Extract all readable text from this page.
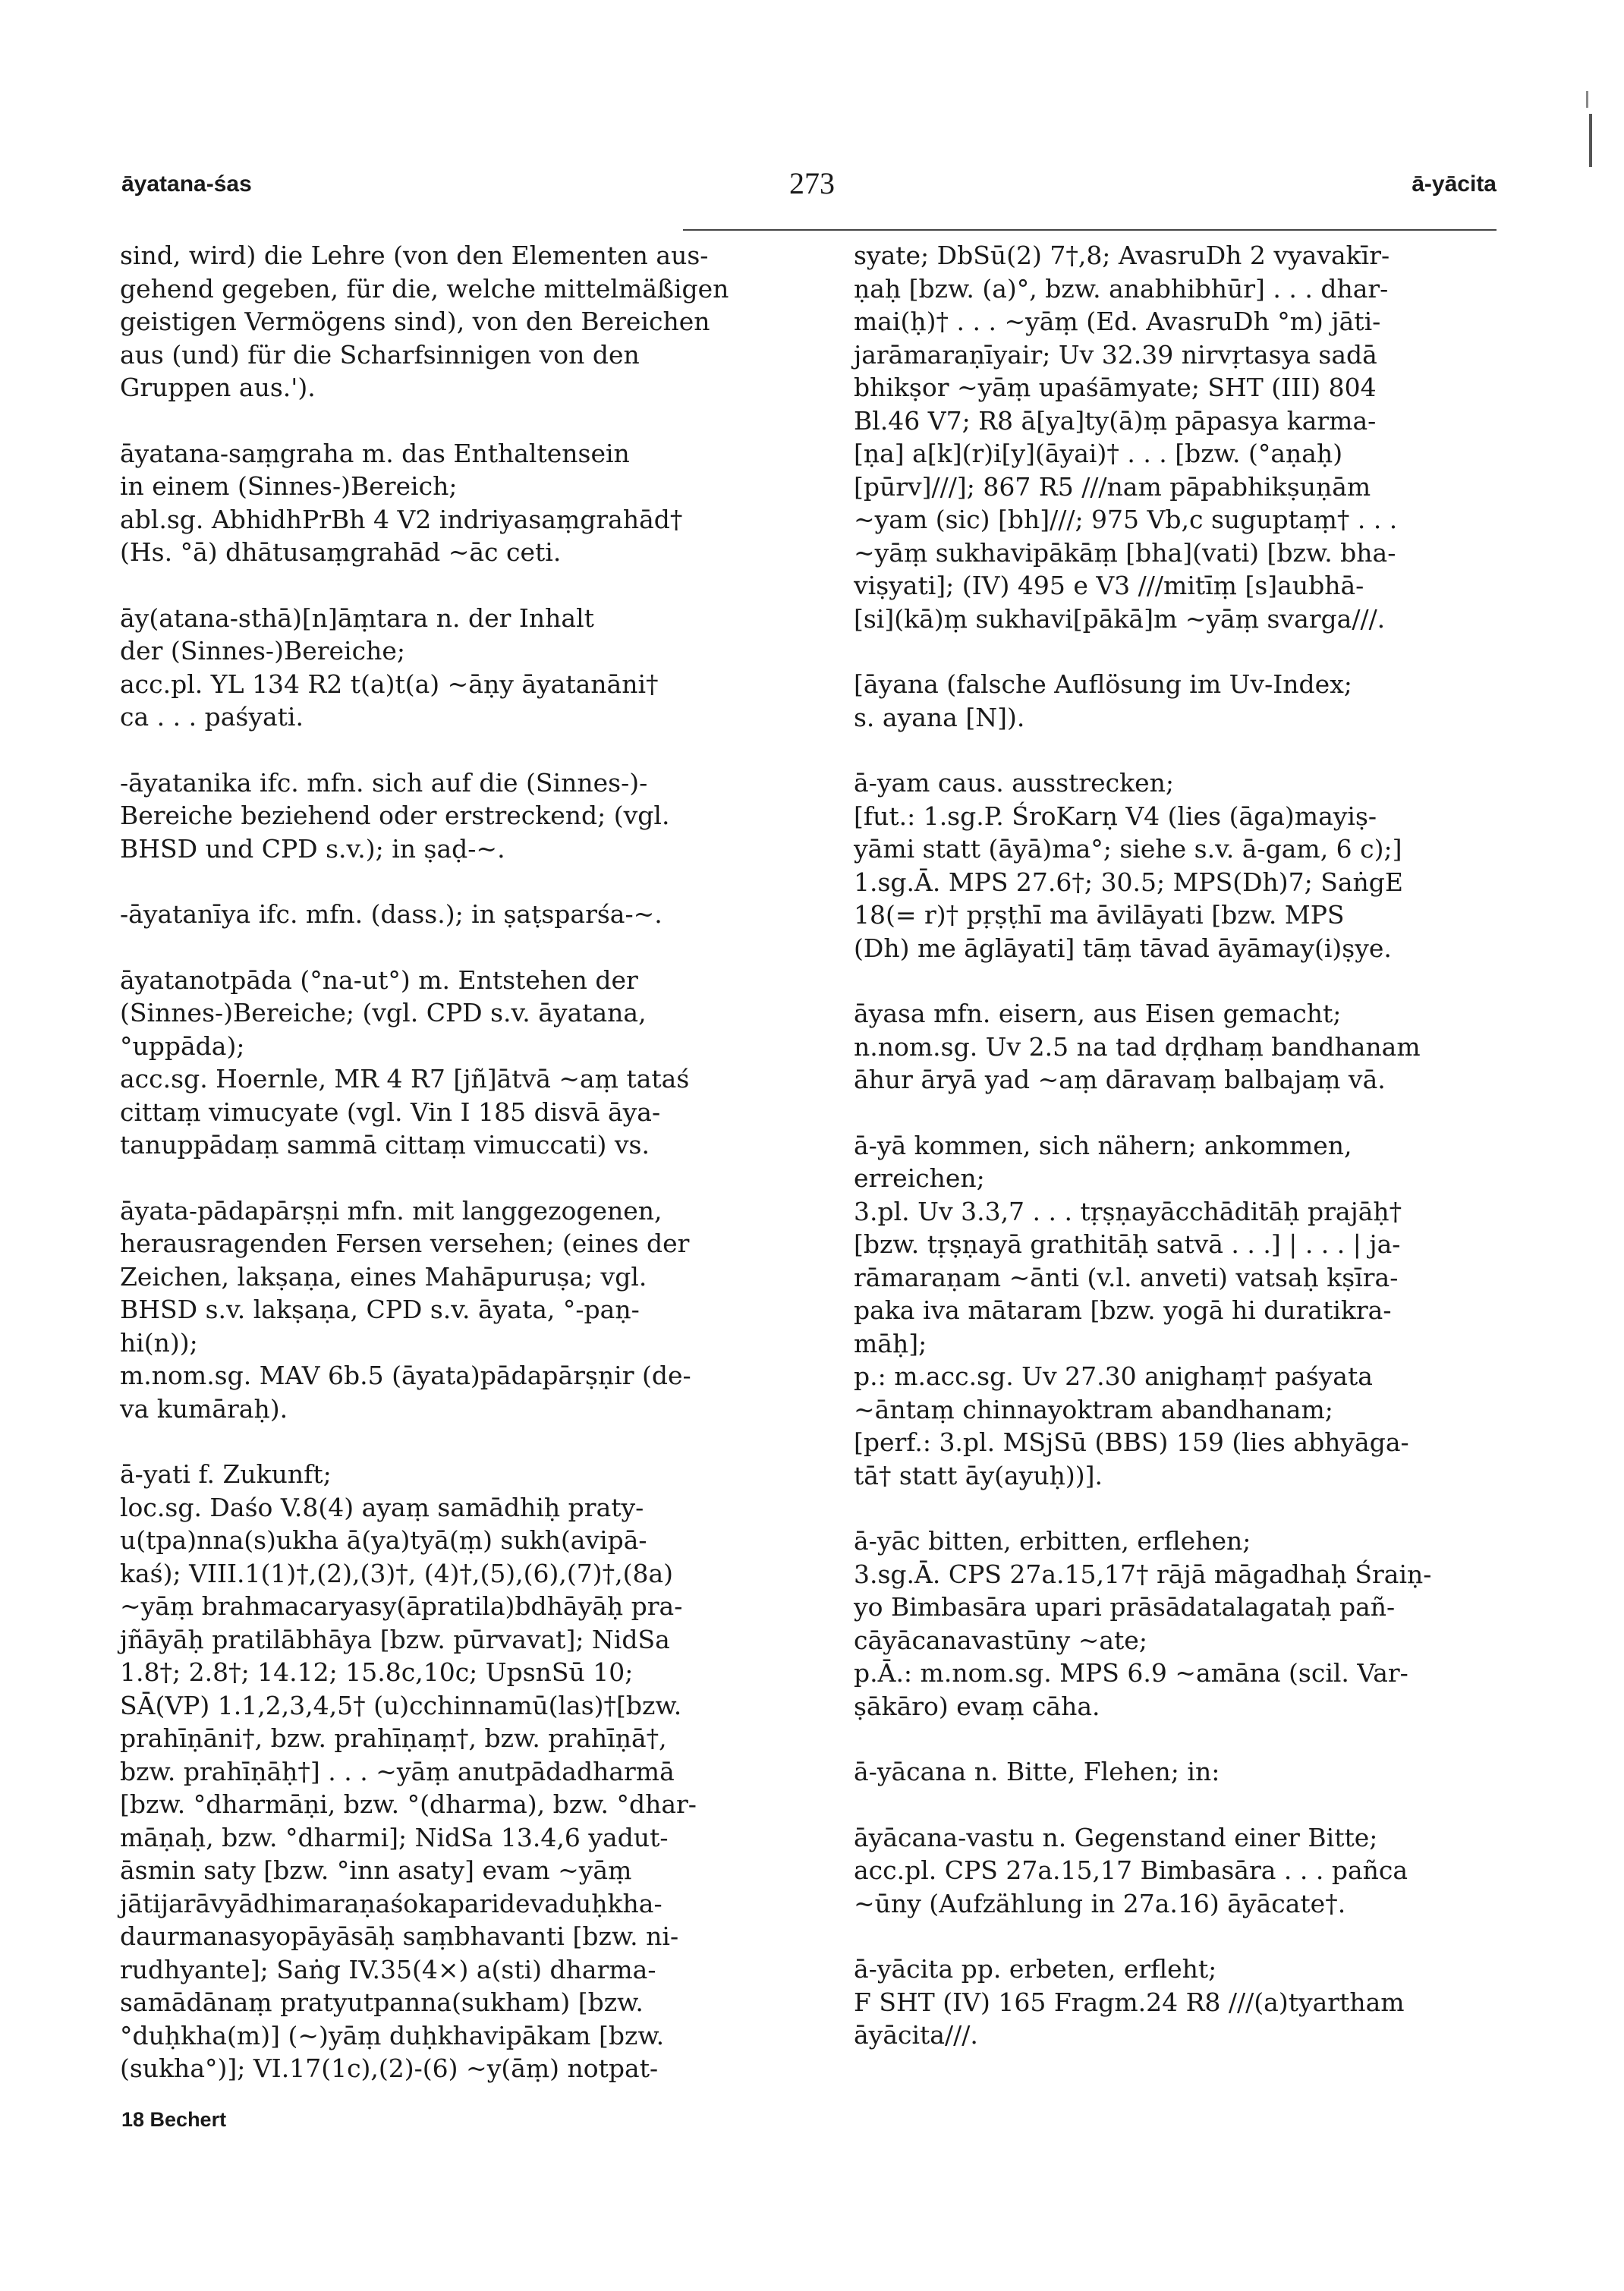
āyatana-śas	273	ā-yācita
sind, wird) die Lehre (von den Elementen aus-
gehend gegeben, für die, welche mittelmäßigen
geistigen Vermögens sind), von den Bereichen
aus (und) für die Scharfsinnigen von den
Gruppen aus.').
āyatana-saṃgraha m. das Enthaltensein
in einem (Sinnes-)Bereich;
abl.sg. AbhidhPrBh 4 V2 indriyasaṃgrahād†
(Hs. °ā) dhātusaṃgrahād ~āc ceti.
āy(atana-sthā)[n]āṃtara n. der Inhalt
der (Sinnes-)Bereiche;
acc.pl. YL 134 R2 t(a)t(a) ~āṇy āyatanāni†
ca . . . paśyati.
-āyatanika ifc. mfn. sich auf die (Sinnes-)-
Bereiche beziehend oder erstreckend; (vgl.
BHSD und CPD s.v.); in ṣaḍ-~.
-āyatanīya ifc. mfn. (dass.); in ṣaṭsparśa-~.
āyatanotpāda (°na-ut°) m. Entstehen der
(Sinnes-)Bereiche; (vgl. CPD s.v. āyatana,
°uppāda);
acc.sg. Hoernle, MR 4 R7 [jñ]ātvā ~aṃ tataś
cittaṃ vimucyate (vgl. Vin I 185 disvā āya-
tanuppādaṃ sammā cittaṃ vimuccati) vs.
āyata-pādapārṣṇi mfn. mit langgezogenen,
herausragenden Fersen versehen; (eines der
Zeichen, lakṣaṇa, eines Mahāpuruṣa; vgl.
BHSD s.v. lakṣaṇa, CPD s.v. āyata, °-paṇ-
hi(n));
m.nom.sg. MAV 6b.5 (āyata)pādapārṣṇir (de-
va kumāraḥ).
ā-yati f. Zukunft;
loc.sg. Daśo V.8(4) ayaṃ samādhiḥ praty-
u(tpa)nna(s)ukha ā(ya)tyā(ṃ) sukh(avipā-
kaś); VIII.1(1)†,(2),(3)†, (4)†,(5),(6),(7)†,(8a)
~yāṃ brahmacaryasy(āpratila)bdhāyāḥ pra-
jñāyāḥ pratilābhāya [bzw. pūrvavat]; NidSa
1.8†; 2.8†; 14.12; 15.8c,10c; UpsnSū 10;
SĀ(VP) 1.1,2,3,4,5† (u)cchinnamū(las)†[bzw.
prahīṇāni†, bzw. prahīṇaṃ†, bzw. prahīṇā†,
bzw. prahīṇāḥ†] . . . ~yāṃ anutpādadharmā
[bzw. °dharmāṇi, bzw. °(dharma), bzw. °dhar-
māṇaḥ, bzw. °dharmi]; NidSa 13.4,6 yadut-
āsmin saty [bzw. °inn asaty] evam ~yāṃ
jātijarāvyādhimaraṇaśokaparidevaduḥkha-
daurmanasyopāyāsāḥ saṃbhavanti [bzw. ni-
rudhyante]; Saṅg IV.35(4×) a(sti) dharma-
samādānaṃ pratyutpanna(sukham) [bzw.
°duḥkha(m)] (~)yāṃ duḥkhavipākam [bzw.
(sukha°)]; VI.17(1c),(2)-(6) ~y(āṃ) notpat-
syate; DbSū(2) 7†,8; AvasruDh 2 vyavakīr-
ṇaḥ [bzw. (a)°, bzw. anabhibhūr] . . . dhar-
mai(ḥ)† . . . ~yāṃ (Ed. AvasruDh °m) jāti-
jarāmaraṇīyair; Uv 32.39 nirvṛtasya sadā
bhikṣor ~yāṃ upaśāmyate; SHT (III) 804
Bl.46 V7; R8 ā[ya]ty(ā)ṃ pāpasya karma-
[ṇa] a[k](r)i[y](āyai)† . . . [bzw. (°aṇaḥ)
[pūrv]///]; 867 R5 ///nam pāpabhikṣuṇām
~yam (sic) [bh]///; 975 Vb,c suguptaṃ† . . .
~yāṃ sukhavipākāṃ [bha](vati) [bzw. bha-
viṣyati]; (IV) 495 e V3 ///mitīṃ [s]aubhā-
[si](kā)ṃ sukhavi[pākā]m ~yāṃ svarga///.
[āyana (falsche Auflösung im Uv-Index;
s. ayana [N]).
ā-yam caus. ausstrecken;
[fut.: 1.sg.P. ŚroKarṇ V4 (lies (āga)mayiṣ-
yāmi statt (āyā)ma°; siehe s.v. ā-gam, 6 c);]
1.sg.Ā. MPS 27.6†; 30.5; MPS(Dh)7; SaṅgE
18(= r)† pṛṣṭhī ma āvilāyati [bzw. MPS
(Dh) me āglāyati] tāṃ tāvad āyāmay(i)ṣye.
āyasa mfn. eisern, aus Eisen gemacht;
n.nom.sg. Uv 2.5 na tad dṛḍhaṃ bandhanam
āhur āryā yad ~aṃ dāravaṃ balbajaṃ vā.
ā-yā kommen, sich nähern; ankommen,
erreichen;
3.pl. Uv 3.3,7 . . . tṛṣṇayācchāditāḥ prajāḥ†
[bzw. tṛṣṇayā grathitāḥ satvā . . .] | . . . | ja-
rāmaraṇam ~ānti (v.l. anveti) vatsaḥ kṣīra-
paka iva mātaram [bzw. yogā hi duratikra-
māḥ];
p.: m.acc.sg. Uv 27.30 anighaṃ† paśyata
~āntaṃ chinnayoktram abandhanam;
[perf.: 3.pl. MSjSū (BBS) 159 (lies abhyāga-
tā† statt āy(ayuḥ))].
ā-yāc bitten, erbitten, erflehen;
3.sg.Ā. CPS 27a.15,17† rājā māgadhaḥ Śraiṇ-
yo Bimbasāra upari prāsādatalagataḥ pañ-
cāyācanavastūny ~ate;
p.Ā.: m.nom.sg. MPS 6.9 ~amāna (scil. Var-
ṣākāro) evaṃ cāha.
ā-yācana n. Bitte, Flehen; in:
āyācana-vastu n. Gegenstand einer Bitte;
acc.pl. CPS 27a.15,17 Bimbasāra . . . pañca
~ūny (Aufzählung in 27a.16) āyācate†.
ā-yācita pp. erbeten, erfleht;
F SHT (IV) 165 Fragm.24 R8 ///(a)tyartham
āyācita///.
18 Bechert
